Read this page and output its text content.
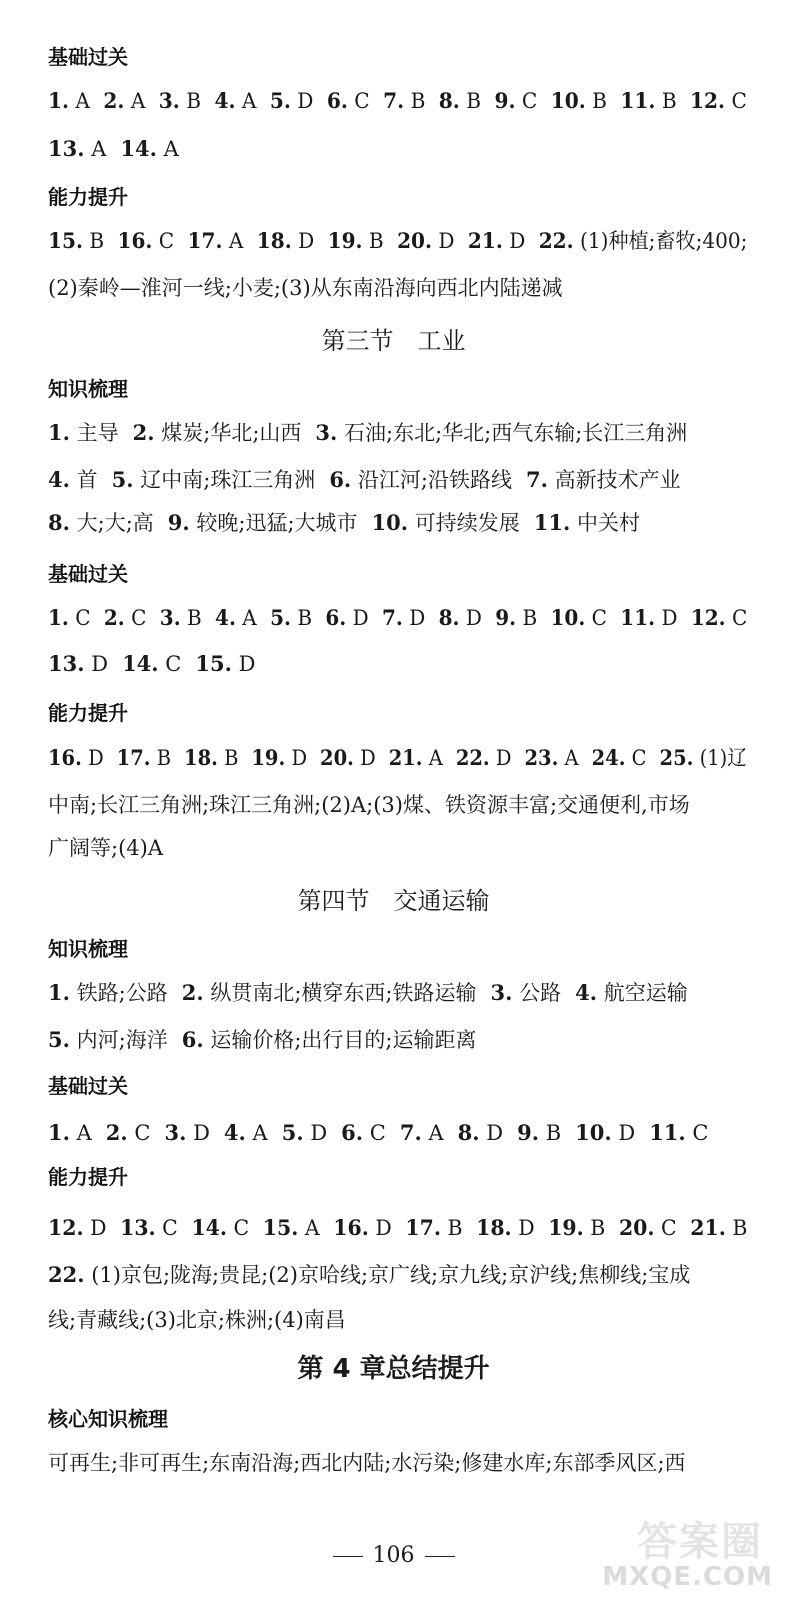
基础过关
1. A 2. A 3. B 4. A 5. D 6. C 7. B 8. B 9. C 10. B 11. B 12. C
13. A 14. A
能力提升
15. B 16. C 17. A 18. D 19. B 20. D 21. D 22. (1)种植;畜牧;400;
(2)秦岭—淮河一线;小麦;(3)从东南沿海向西北内陆递减
第三节　工业
知识梳理
1. 主导 2. 煤炭;华北;山西 3. 石油;东北;华北;西气东输;长江三角洲
4. 首 5. 辽中南;珠江三角洲 6. 沿江河;沿铁路线 7. 高新技术产业
8. 大;大;高 9. 较晚;迅猛;大城市 10. 可持续发展 11. 中关村
基础过关
1. C 2. C 3. B 4. A 5. B 6. D 7. D 8. D 9. B 10. C 11. D 12. C
13. D 14. C 15. D
能力提升
16. D 17. B 18. B 19. D 20. D 21. A 22. D 23. A 24. C 25. (1)辽
中南;长江三角洲;珠江三角洲;(2)A;(3)煤、铁资源丰富;交通便利,市场
广阔等;(4)A
第四节　交通运输
知识梳理
1. 铁路;公路 2. 纵贯南北;横穿东西;铁路运输 3. 公路 4. 航空运输
5. 内河;海洋 6. 运输价格;出行目的;运输距离
基础过关
1. A 2. C 3. D 4. A 5. D 6. C 7. A 8. D 9. B 10. D 11. C
能力提升
12. D 13. C 14. C 15. A 16. D 17. B 18. D 19. B 20. C 21. B
22. (1)京包;陇海;贵昆;(2)京哈线;京广线;京九线;京沪线;焦柳线;宝成
线;青藏线;(3)北京;株洲;(4)南昌
第 4 章总结提升
核心知识梳理
可再生;非可再生;东南沿海;西北内陆;水污染;修建水库;东部季风区;西
106	答案圈
MXQE.COM
